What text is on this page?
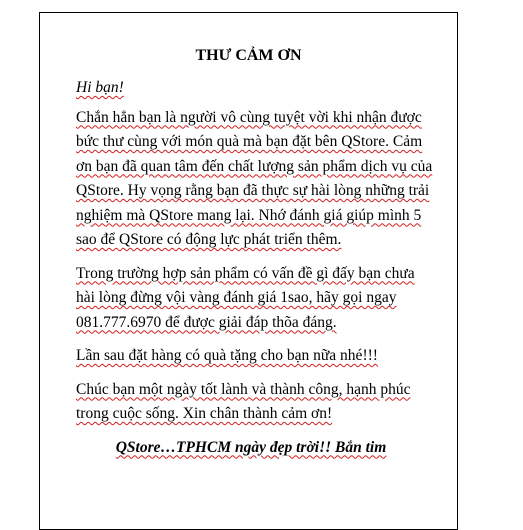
THƯ CẢM ƠN

Hi bạn!

Chắn hẳn bạn là người vô cùng tuyệt vời khi nhận được bức thư cùng với món quà mà bạn đặt bên QStore. Cảm ơn bạn đã quan tâm đến chất lượng sản phẩm dịch vụ của QStore. Hy vọng rằng bạn đã thực sự hài lòng những trải nghiệm mà QStore mang lại. Nhớ đánh giá giúp mình 5 sao để QStore có động lực phát triển thêm.

Trong trường hợp sản phẩm có vấn đề gì đấy bạn chưa hài lòng đừng vội vàng đánh giá 1sao, hãy gọi ngay 081.777.6970 để được giải đáp thõa đáng.

Lần sau đặt hàng có quà tặng cho bạn nữa nhé!!!

Chúc bạn một ngày tốt lành và thành công, hạnh phúc trong cuộc sống. Xin chân thành cảm ơn!

QStore…TPHCM ngày đẹp trời!! Bắn tim
